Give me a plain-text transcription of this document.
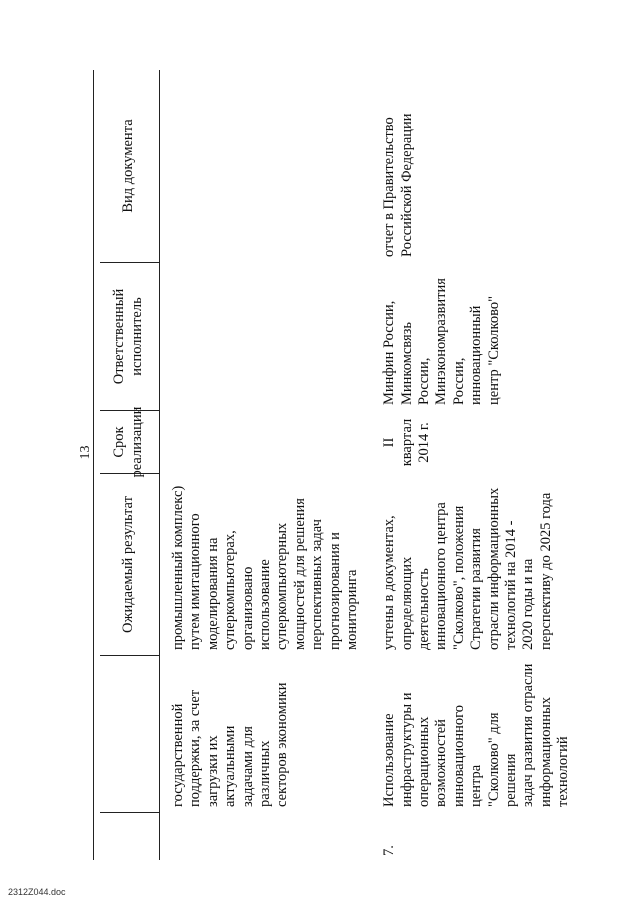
13
Ожидаемый результат
Срок
реализации
Ответственный
исполнитель
Вид документа
государственной
поддержки, за счет
загрузки их актуальными
задачами для различных
секторов экономики
промышленный комплекс)
путем имитационного
моделирования на
суперкомпьютерах,
организовано
использование
суперкомпьютерных
мощностей для решения
перспективных задач
прогнозирования и
мониторинга
7.
Использование
инфраструктуры и
операционных
возможностей
инновационного центра
"Сколково" для решения
задач развития отрасли
информационных
технологий
учтены в документах,
определяющих
деятельность
инновационного центра
"Сколково", положения
Стратегии развития
отрасли информационных
технологий на 2014 -
2020 годы и на
перспективу до 2025 года
II квартал
2014 г.
Минфин России,
Минкомсвязь
России,
Минэкономразвития
России,
инновационный
центр "Сколково"
отчет в Правительство
Российской Федерации
2312Z044.doc
